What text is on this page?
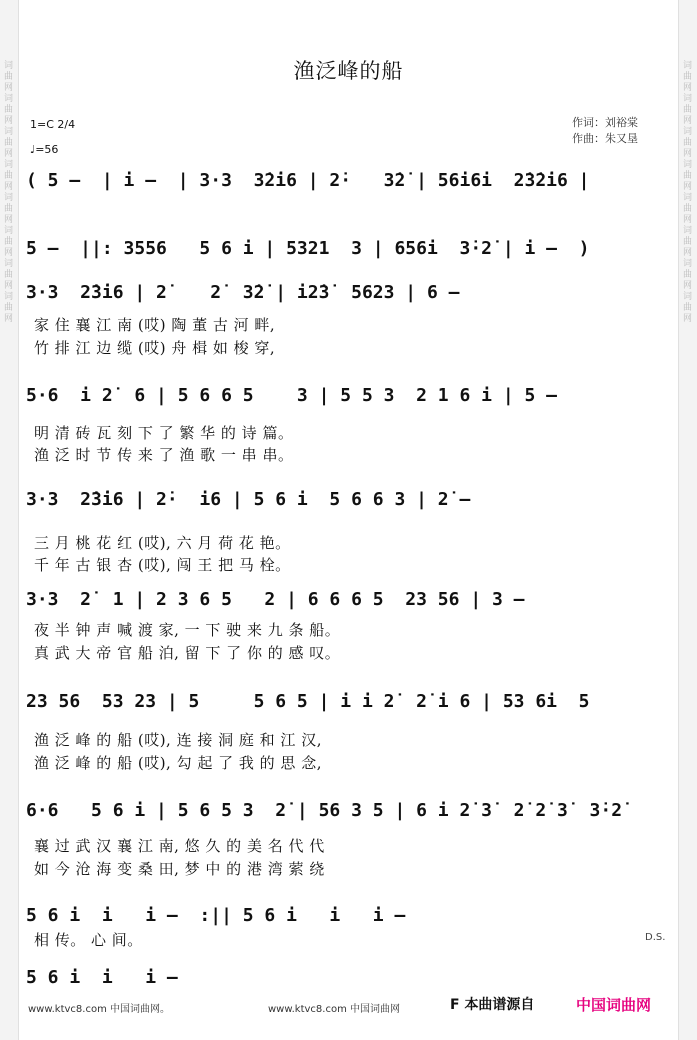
词曲网词曲网词曲网词曲网词曲网词曲网词曲网词曲网	词曲网词曲网词曲网词曲网词曲网词曲网词曲网词曲网
渔泛峰的船
1=C 2/4
♩=56
作词：刘裕棠
作曲：朱又垦
( 5 –  | i –  | 3·3  3̇2̇i6 | 2̇·   3̇2̇ | 56i6i  2̇3̇2̇i6 |
5 –  ||: 3556   5 6 i | 5321  3 | 656i  3̇·2̇ | i –  )
3·3  2̇3̇i6 | 2̇    2̇  3̇2̇ | i2̇3̇  5623 | 6 –
家 住 襄 江 南 (哎) 陶 董 古 河 畔,
竹 排 江 边 缆 (哎) 舟 楫 如 梭 穿,
5·6  i 2̇  6 | 5 6 6 5    3 | 5 5 3  2 1 6 i | 5 –
明 清 砖 瓦 刻 下 了 繁 华 的 诗 篇。
渔 泛 时 节 传 来 了 渔 歌 一 串 串。
3·3  2̇3̇i6 | 2̇·  i6 | 5 6 i  5 6 6 3 | 2̇ –
三 月 桃 花 红 (哎), 六 月 荷 花 艳。
千 年 古 银 杏 (哎), 闯 王 把 马 栓。
3·3  2̇  1 | 2 3 6 5   2 | 6 6 6 5  23 56 | 3 –
夜 半 钟 声 喊 渡 家, 一 下 驶 来 九 条 船。
真 武 大 帝 官 船 泊, 留 下 了 你 的 感 叹。
23 56  53 23 | 5     5 6 5 | i i 2̇  2̇ i 6 | 53 6i  5
渔 泛 峰 的 船 (哎), 连 接 洞 庭 和 江 汉,
渔 泛 峰 的 船 (哎), 勾 起 了 我 的 思 念,
6·6   5 6 i | 5 6 5 3  2̇ | 56 3 5 | 6 i 2̇ 3̇  2̇ 2̇ 3̇  3̇·2̇
襄 过 武 汉 襄 江 南, 悠 久 的 美 名 代 代
如 今 沧 海 变 桑 田, 梦 中 的 港 湾 萦 绕
5 6 i  i   i –  :|| 5 6 i   i   i –
相 传。 心 间。	D.S.
5 6 i  i   i –
www.ktvc8.com 中国词曲网。	www.ktvc8.com 中国词曲网	F 本曲谱源自	中国词曲网
